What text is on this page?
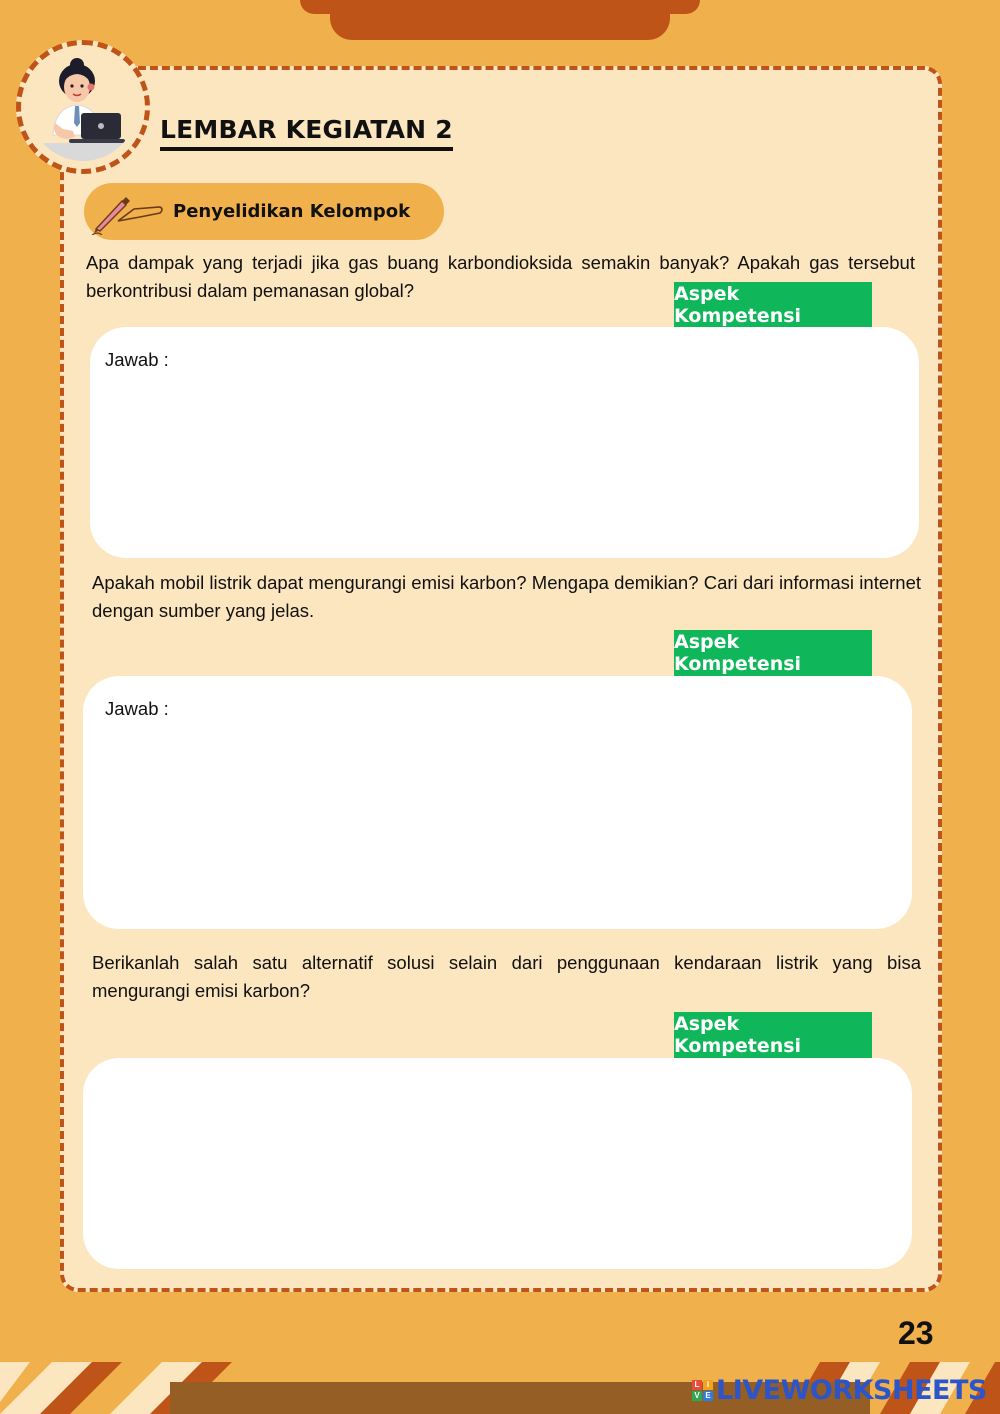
LEMBAR KEGIATAN 2
Penyelidikan Kelompok

Apa dampak yang terjadi jika gas buang karbondioksida semakin banyak? Apakah gas tersebut berkontribusi dalam pemanasan global?	Aspek Kompetensi
Jawab :

Apakah mobil listrik dapat mengurangi emisi karbon? Mengapa demikian? Cari dari informasi internet dengan sumber yang jelas.

Aspek Kompetensi
Jawab :

Berikanlah salah satu alternatif solusi selain dari penggunaan kendaraan listrik yang bisa mengurangi emisi karbon?

Aspek Kompetensi
23
L I
V E LIVEWORKSHEETS
